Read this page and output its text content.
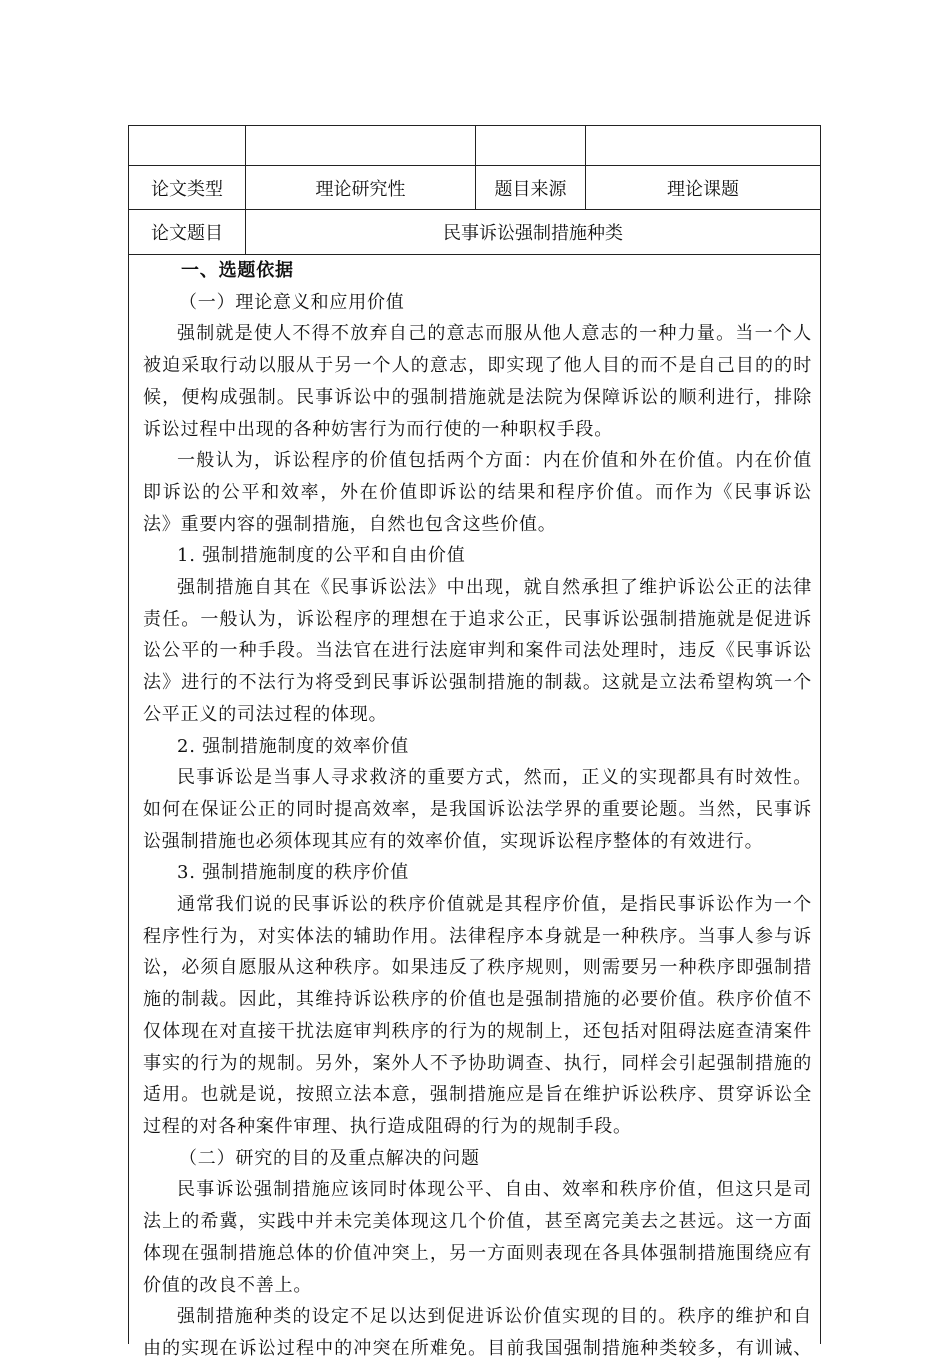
论文类型	理论研究性	题目来源	理论课题
论文题目	民事诉讼强制措施种类
一、选题依据
（一）理论意义和应用价值
强制就是使人不得不放弃自己的意志而服从他人意志的一种力量。当一个人
被迫采取行动以服从于另一个人的意志，即实现了他人目的而不是自己目的的时
候，便构成强制。民事诉讼中的强制措施就是法院为保障诉讼的顺利进行，排除
诉讼过程中出现的各种妨害行为而行使的一种职权手段。
一般认为，诉讼程序的价值包括两个方面：内在价值和外在价值。内在价值
即诉讼的公平和效率，外在价值即诉讼的结果和程序价值。而作为《民事诉讼
法》重要内容的强制措施，自然也包含这些价值。
1. 强制措施制度的公平和自由价值
强制措施自其在《民事诉讼法》中出现，就自然承担了维护诉讼公正的法律
责任。一般认为，诉讼程序的理想在于追求公正，民事诉讼强制措施就是促进诉
讼公平的一种手段。当法官在进行法庭审判和案件司法处理时，违反《民事诉讼
法》进行的不法行为将受到民事诉讼强制措施的制裁。这就是立法希望构筑一个
公平正义的司法过程的体现。
2. 强制措施制度的效率价值
民事诉讼是当事人寻求救济的重要方式，然而，正义的实现都具有时效性。
如何在保证公正的同时提高效率，是我国诉讼法学界的重要论题。当然，民事诉
讼强制措施也必须体现其应有的效率价值，实现诉讼程序整体的有效进行。
3. 强制措施制度的秩序价值
通常我们说的民事诉讼的秩序价值就是其程序价值，是指民事诉讼作为一个
程序性行为，对实体法的辅助作用。法律程序本身就是一种秩序。当事人参与诉
讼，必须自愿服从这种秩序。如果违反了秩序规则，则需要另一种秩序即强制措
施的制裁。因此，其维持诉讼秩序的价值也是强制措施的必要价值。秩序价值不
仅体现在对直接干扰法庭审判秩序的行为的规制上，还包括对阻碍法庭查清案件
事实的行为的规制。另外，案外人不予协助调查、执行，同样会引起强制措施的
适用。也就是说，按照立法本意，强制措施应是旨在维护诉讼秩序、贯穿诉讼全
过程的对各种案件审理、执行造成阻碍的行为的规制手段。
（二）研究的目的及重点解决的问题
民事诉讼强制措施应该同时体现公平、自由、效率和秩序价值，但这只是司
法上的希冀，实践中并未完美体现这几个价值，甚至离完美去之甚远。这一方面
体现在强制措施总体的价值冲突上，另一方面则表现在各具体强制措施围绕应有
价值的改良不善上。
强制措施种类的设定不足以达到促进诉讼价值实现的目的。秩序的维护和自
由的实现在诉讼过程中的冲突在所难免。目前我国强制措施种类较多，有训诫、
